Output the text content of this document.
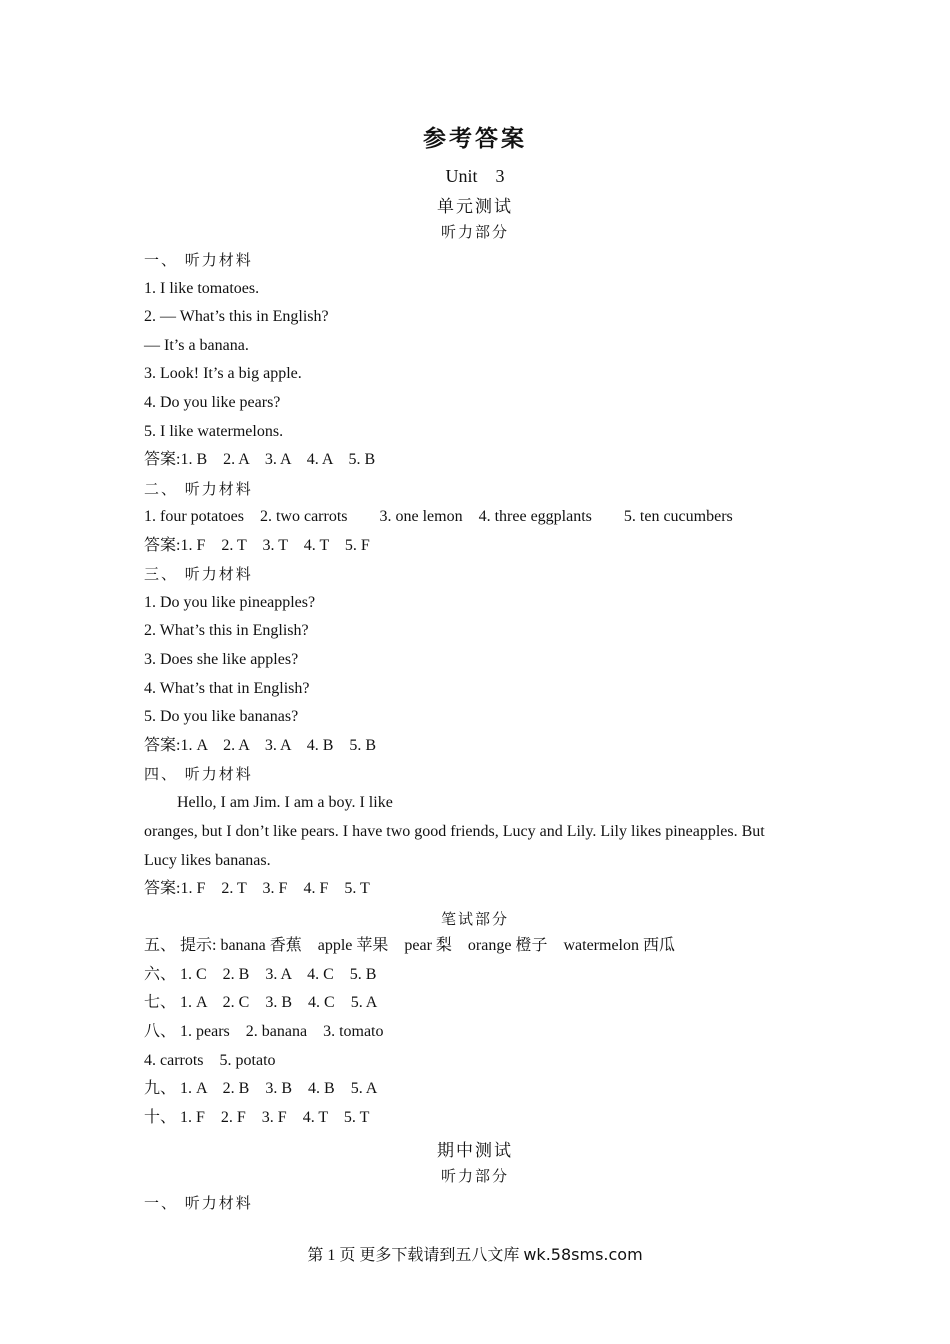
参考答案
Unit　3
单元测试
听力部分
一、 听力材料
1. I like tomatoes.
2. — What’s this in English?
— It’s a banana.
3. Look! It’s a big apple.
4. Do you like pears?
5. I like watermelons.
答案:1. B　2. A　3. A　4. A　5. B
二、 听力材料
1. four potatoes　2. two carrots　　3. one lemon　4. three eggplants　　5. ten cucumbers
答案:1. F　2. T　3. T　4. T　5. F
三、 听力材料
1. Do you like pineapples?
2. What’s this in English?
3. Does she like apples?
4. What’s that in English?
5. Do you like bananas?
答案:1. A　2. A　3. A　4. B　5. B
四、 听力材料
Hello, I am Jim. I am a boy. I like
oranges, but I don’t like pears. I have two good friends, Lucy and Lily. Lily likes pineapples. But
Lucy likes bananas.
答案:1. F　2. T　3. F　4. F　5. T
笔试部分
五、 提示: banana 香蕉　apple 苹果　pear 梨　orange 橙子　watermelon 西瓜
六、 1. C　2. B　3. A　4. C　5. B
七、 1. A　2. C　3. B　4. C　5. A
八、 1. pears　2. banana　3. tomato
4. carrots　5. potato
九、 1. A　2. B　3. B　4. B　5. A
十、 1. F　2. F　3. F　4. T　5. T
期中测试
听力部分
一、 听力材料
第 1 页 更多下载请到五八文库 wk.58sms.com
